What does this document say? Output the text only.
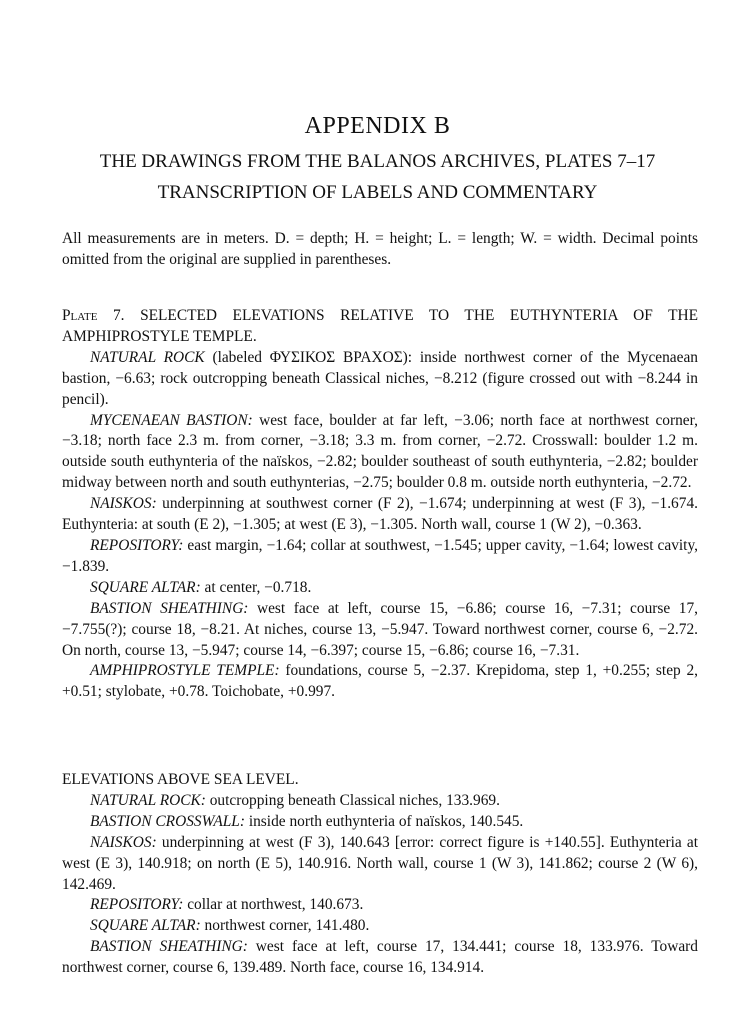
APPENDIX B
THE DRAWINGS FROM THE BALANOS ARCHIVES, PLATES 7–17
TRANSCRIPTION OF LABELS AND COMMENTARY
All measurements are in meters. D. = depth; H. = height; L. = length; W. = width. Decimal points omitted from the original are supplied in parentheses.

Plate 7. SELECTED ELEVATIONS RELATIVE TO THE EUTHYNTERIA OF THE AMPHIPROSTYLE TEMPLE.

NATURAL ROCK (labeled ΦΥΣΙΚΟΣ ΒΡΑΧΟΣ): inside northwest corner of the Mycenaean bastion, −6.63; rock outcropping beneath Classical niches, −8.212 (figure crossed out with −8.244 in pencil).

MYCENAEAN BASTION: west face, boulder at far left, −3.06; north face at northwest corner, −3.18; north face 2.3 m. from corner, −3.18; 3.3 m. from corner, −2.72. Crosswall: boulder 1.2 m. outside south euthynteria of the naïskos, −2.82; boulder southeast of south euthynteria, −2.82; boulder midway between north and south euthynterias, −2.75; boulder 0.8 m. outside north euthynteria, −2.72.

NAISKOS: underpinning at southwest corner (F 2), −1.674; underpinning at west (F 3), −1.674. Euthynteria: at south (E 2), −1.305; at west (E 3), −1.305. North wall, course 1 (W 2), −0.363.

REPOSITORY: east margin, −1.64; collar at southwest, −1.545; upper cavity, −1.64; lowest cavity, −1.839.

SQUARE ALTAR: at center, −0.718.

BASTION SHEATHING: west face at left, course 15, −6.86; course 16, −7.31; course 17, −7.755(?); course 18, −8.21. At niches, course 13, −5.947. Toward northwest corner, course 6, −2.72. On north, course 13, −5.947; course 14, −6.397; course 15, −6.86; course 16, −7.31.

AMPHIPROSTYLE TEMPLE: foundations, course 5, −2.37. Krepidoma, step 1, +0.255; step 2, +0.51; stylobate, +0.78. Toichobate, +0.997.

ELEVATIONS ABOVE SEA LEVEL.

NATURAL ROCK: outcropping beneath Classical niches, 133.969.

BASTION CROSSWALL: inside north euthynteria of naïskos, 140.545.

NAISKOS: underpinning at west (F 3), 140.643 [error: correct figure is +140.55]. Euthynteria at west (E 3), 140.918; on north (E 5), 140.916. North wall, course 1 (W 3), 141.862; course 2 (W 6), 142.469.

REPOSITORY: collar at northwest, 140.673.

SQUARE ALTAR: northwest corner, 141.480.

BASTION SHEATHING: west face at left, course 17, 134.441; course 18, 133.976. Toward northwest corner, course 6, 139.489. North face, course 16, 134.914.
